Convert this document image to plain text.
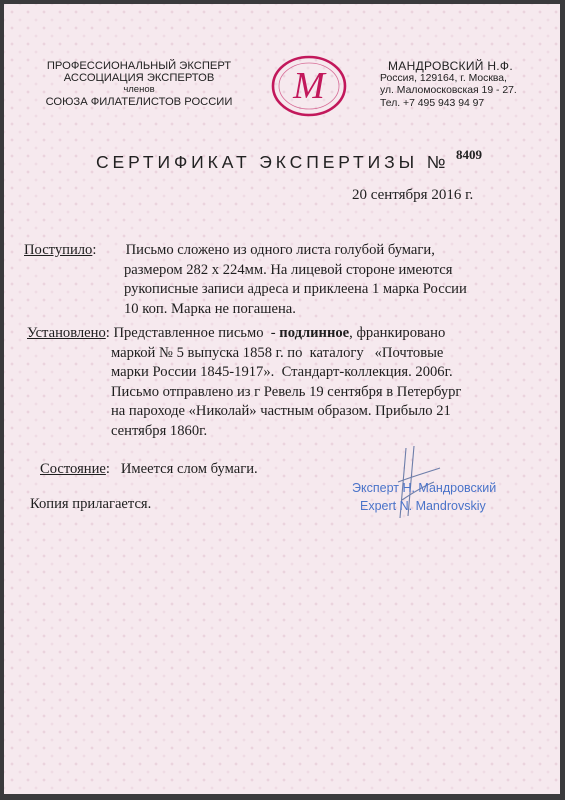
ПРОФЕССИОНАЛЬНЫЙ ЭКСПЕРТ
АССОЦИАЦИЯ ЭКСПЕРТОВ
членов
СОЮЗА ФИЛАТЕЛИСТОВ РОССИИ	М	МАНДРОВСКИЙ Н.Ф.
Россия, 129164, г. Москва,
ул. Маломосковская 19 - 27.
Тел. +7 495 943 94 97
СЕРТИФИКАТ ЭКСПЕРТИЗЫ № 8409
20 сентября 2016 г.
Поступило:        Письмо сложено из одного листа голубой бумаги,
размером 282 х 224мм. На лицевой стороне имеются
рукописные записи адреса и приклеена 1 марка России
10 коп. Марка не погашена.
Установлено: Представленное письмо  - подлинное, франкировано
маркой № 5 выпуска 1858 г. по  каталогу   «Почтовые
марки России 1845-1917».  Стандарт-коллекция. 2006г.
Письмо отправлено из г Ревель 19 сентября в Петербург
на пароходе «Николай» частным образом. Прибыло 21
сентября 1860г.
Состояние:   Имеется слом бумаги.
Копия прилагается.
Эксперт Н. Мандровский
Expert N. Mandrovskiy
